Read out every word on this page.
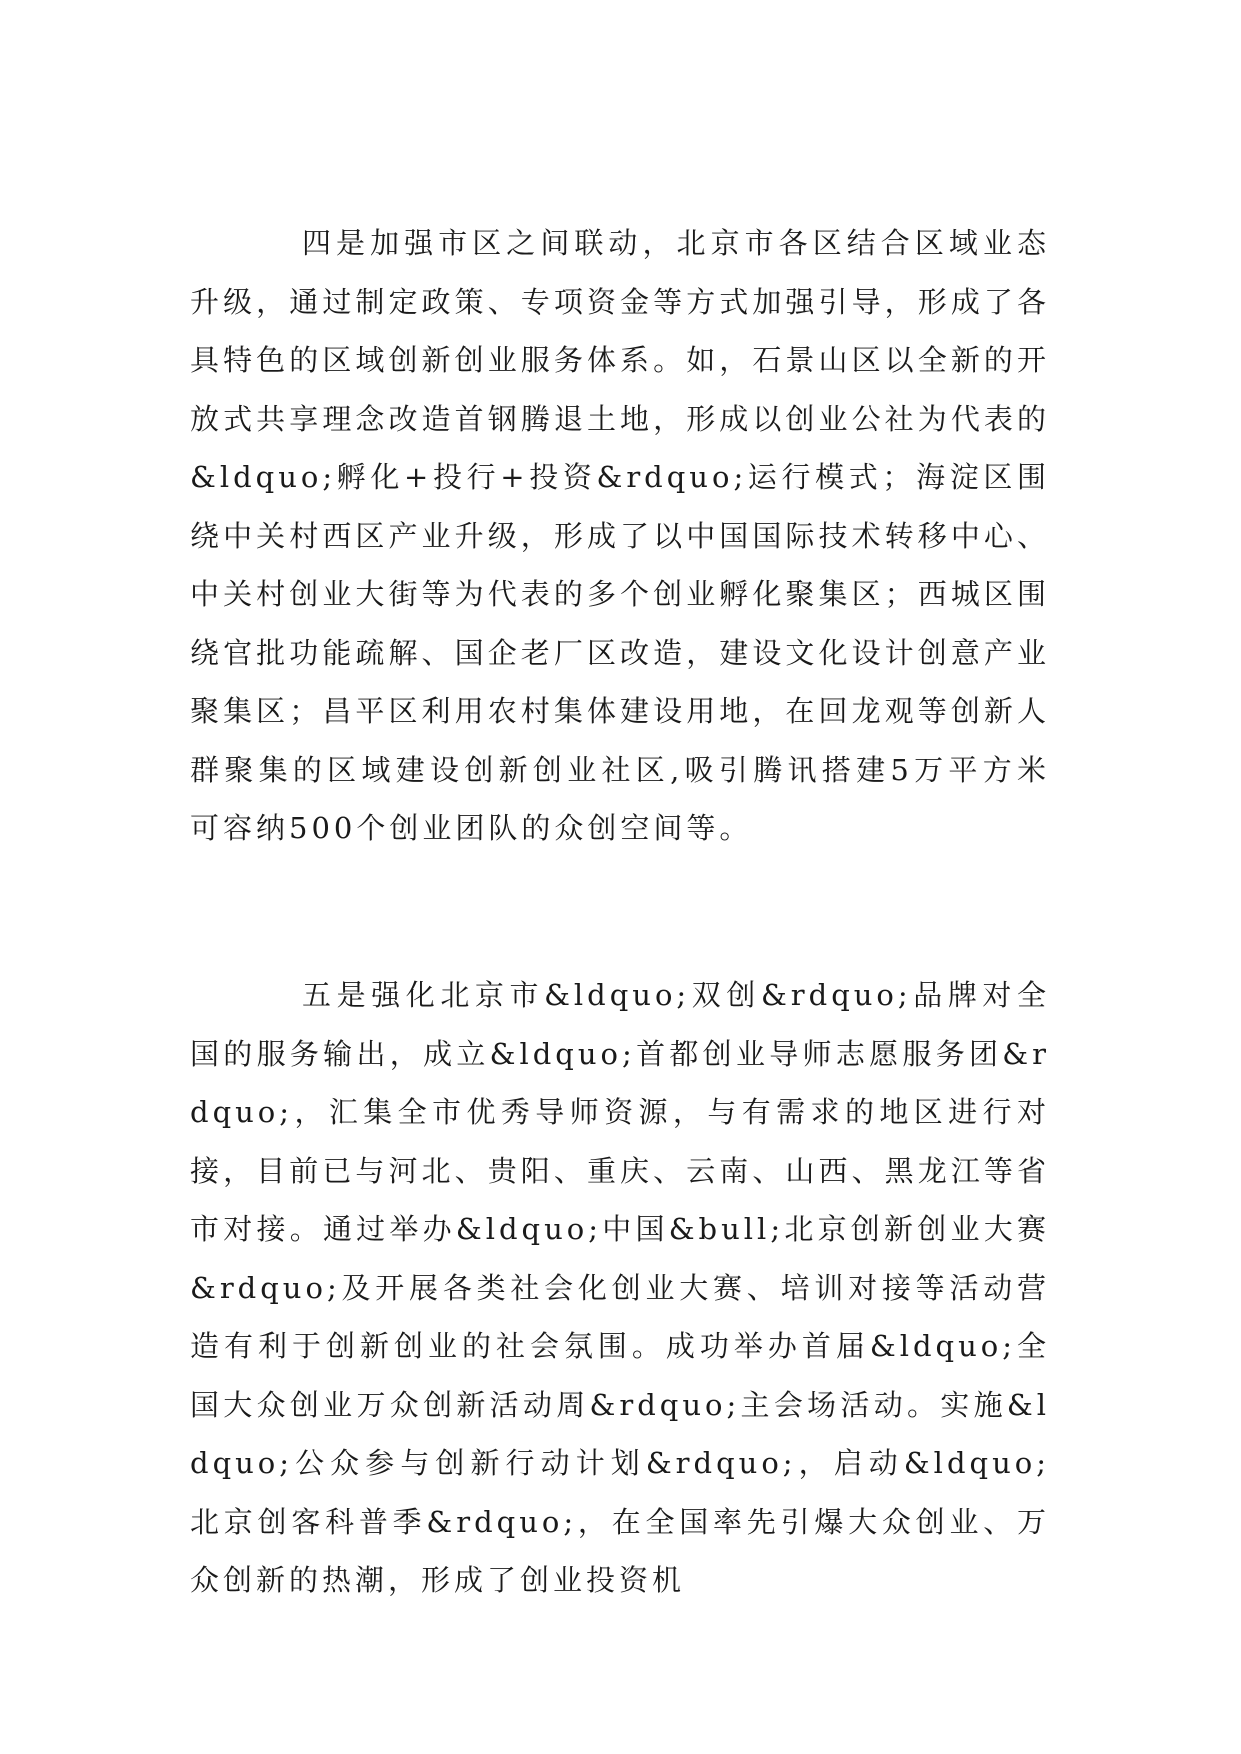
四是加强市区之间联动，北京市各区结合区域业态升级，通过制定政策、专项资金等方式加强引导，形成了各具特色的区域创新创业服务体系。如，石景山区以全新的开放式共享理念改造首钢腾退土地，形成以创业公社为代表的&ldquo;孵化+投行+投资&rdquo;运行模式；海淀区围绕中关村西区产业升级，形成了以中国国际技术转移中心、中关村创业大街等为代表的多个创业孵化聚集区；西城区围绕官批功能疏解、国企老厂区改造，建设文化设计创意产业聚集区；昌平区利用农村集体建设用地，在回龙观等创新人群聚集的区域建设创新创业社区,吸引腾讯搭建5万平方米可容纳500个创业团队的众创空间等。

五是强化北京市&ldquo;双创&rdquo;品牌对全国的服务输出，成立&ldquo;首都创业导师志愿服务团&rdquo;，汇集全市优秀导师资源，与有需求的地区进行对接，目前已与河北、贵阳、重庆、云南、山西、黑龙江等省市对接。通过举办&ldquo;中国&bull;北京创新创业大赛&rdquo;及开展各类社会化创业大赛、培训对接等活动营造有利于创新创业的社会氛围。成功举办首届&ldquo;全国大众创业万众创新活动周&rdquo;主会场活动。实施&ldquo;公众参与创新行动计划&rdquo;，启动&ldquo;北京创客科普季&rdquo;，在全国率先引爆大众创业、万众创新的热潮，形成了创业投资机
